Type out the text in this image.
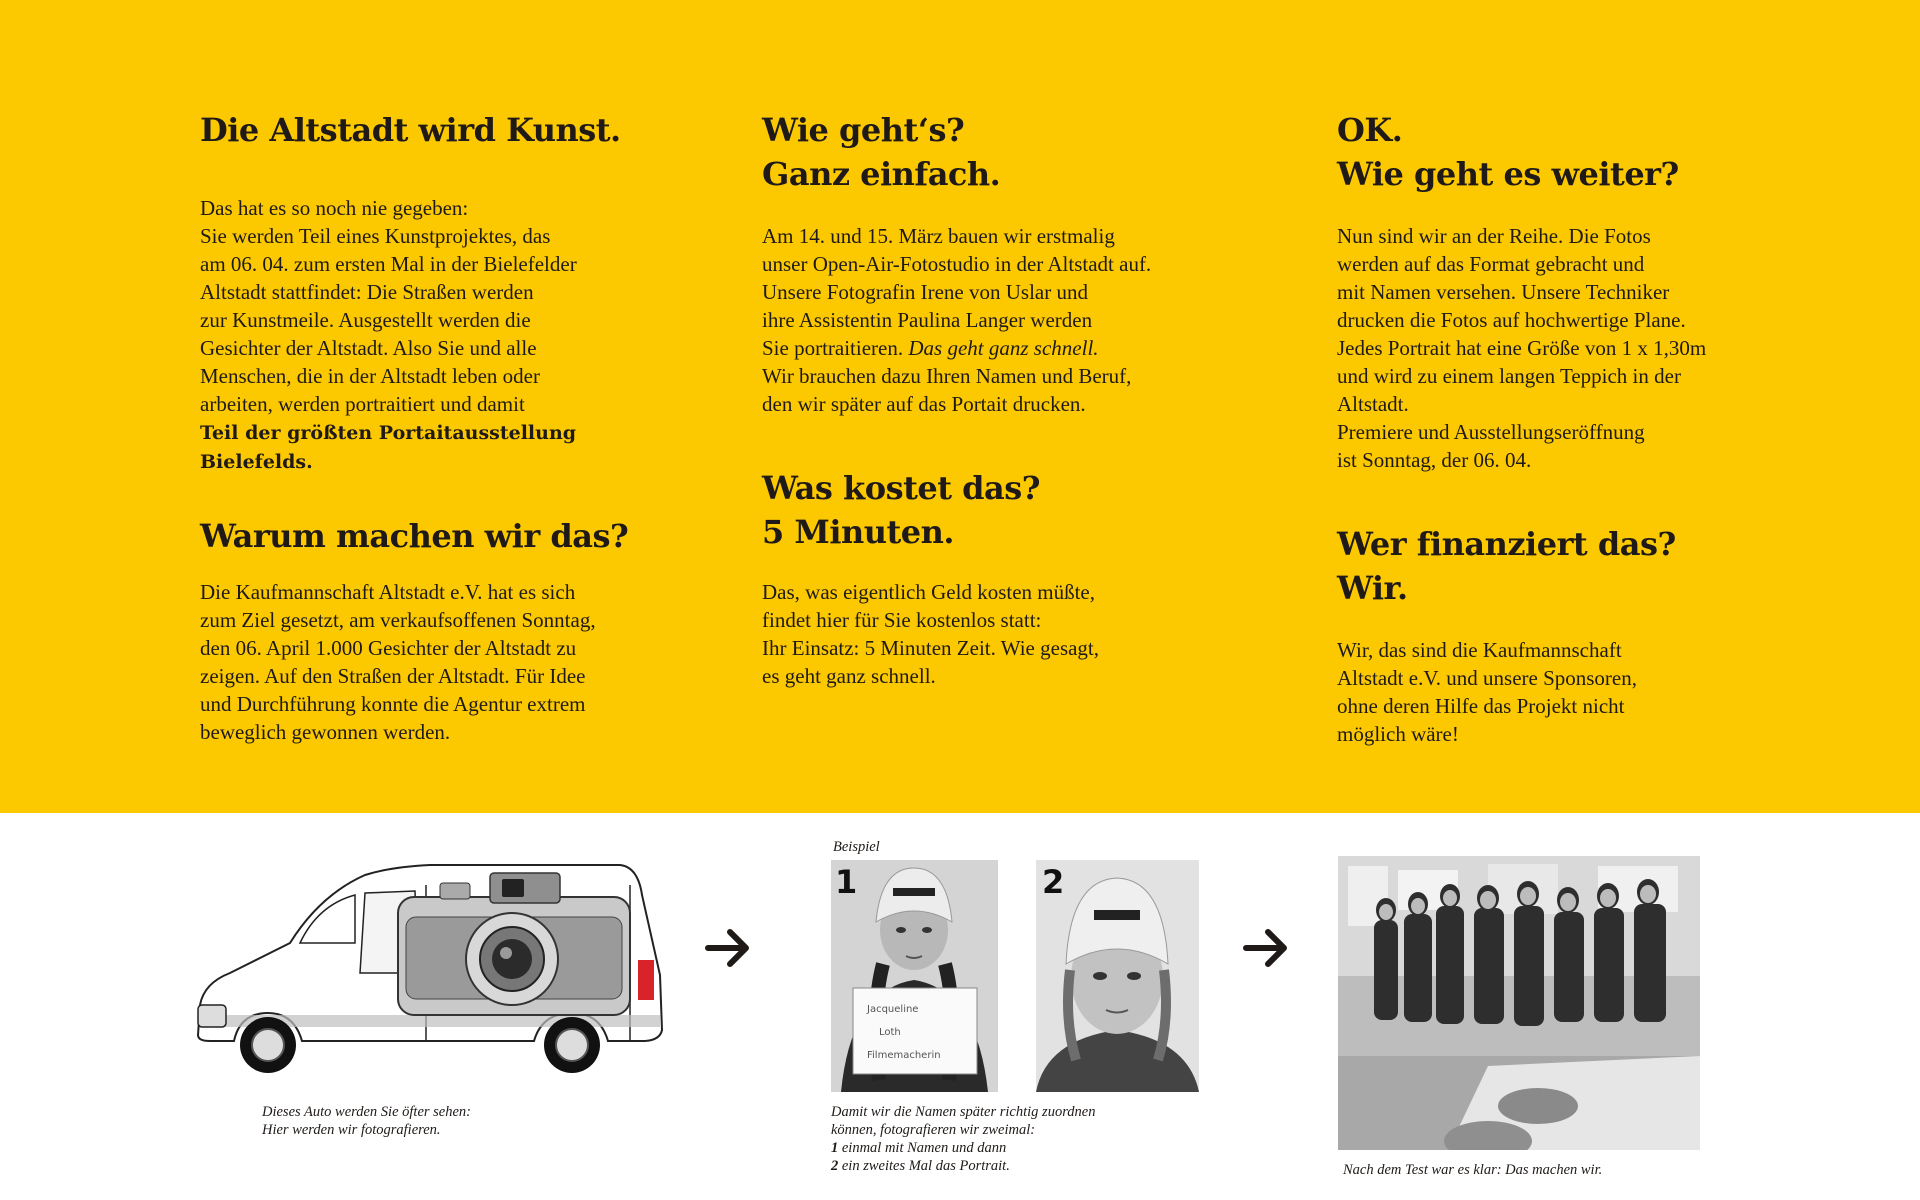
Die Altstadt wird Kunst.

Das hat es so noch nie gegeben:
Sie werden Teil eines Kunstprojektes, das
am 06. 04. zum ersten Mal in der Bielefelder
Altstadt stattfindet: Die Straßen werden
zur Kunstmeile. Ausgestellt werden die
Gesichter der Altstadt. Also Sie und alle
Menschen, die in der Altstadt leben oder
arbeiten, werden portraitiert und damit
Teil der größten Portaitausstellung
Bielefelds.

Warum machen wir das?

Die Kaufmannschaft Altstadt e.V. hat es sich
zum Ziel gesetzt, am verkaufsoffenen Sonntag,
den 06. April 1.000 Gesichter der Altstadt zu
zeigen. Auf den Straßen der Altstadt. Für Idee
und Durchführung konnte die Agentur extrem
beweglich gewonnen werden.

Wie geht‘s?
Ganz einfach.

Am 14. und 15. März bauen wir erstmalig
unser Open-Air-Fotostudio in der Altstadt auf.
Unsere Fotografin Irene von Uslar und
ihre Assistentin Paulina Langer werden
Sie portraitieren. Das geht ganz schnell.
Wir brauchen dazu Ihren Namen und Beruf,
den wir später auf das Portait drucken.

Was kostet das?
5 Minuten.

Das, was eigentlich Geld kosten müßte,
findet hier für Sie kostenlos statt:
Ihr Einsatz: 5 Minuten Zeit. Wie gesagt,
es geht ganz schnell.

OK.
Wie geht es weiter?

Nun sind wir an der Reihe. Die Fotos
werden auf das Format gebracht und
mit Namen versehen. Unsere Techniker
drucken die Fotos auf hochwertige Plane.
Jedes Portrait hat eine Größe von 1 x 1,30m
und wird zu einem langen Teppich in der
Altstadt.
Premiere und Ausstellungseröffnung
ist Sonntag, der 06. 04.

Wer finanziert das?
Wir.

Wir, das sind die Kaufmannschaft
Altstadt e.V. und unsere Sponsoren,
ohne deren Hilfe das Projekt nicht
möglich wäre!

Dieses Auto werden Sie öfter sehen:
Hier werden wir fotografieren.
Beispiel
Jacqueline
Loth
Filmemacherin
1	2
Damit wir die Namen später richtig zuordnen
können, fotografieren wir zweimal:
1 einmal mit Namen und dann
2 ein zweites Mal das Portrait.	Nach dem Test war es klar: Das machen wir.
